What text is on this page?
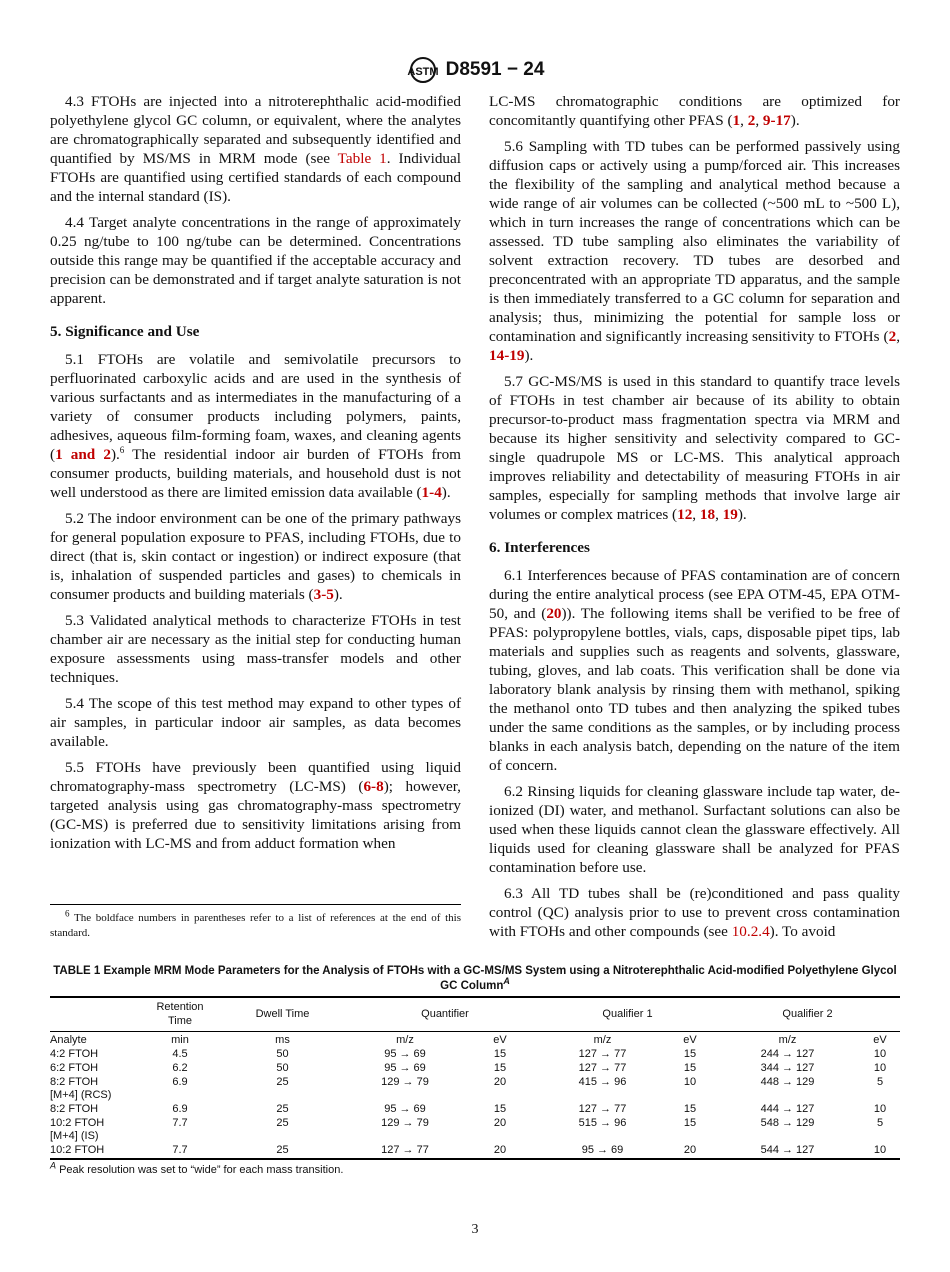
ASTM D8591 − 24

4.3 FTOHs are injected into a nitroterephthalic acid-modified polyethylene glycol GC column, or equivalent, where the analytes are chromatographically separated and subsequently identified and quantified by MS/MS in MRM mode (see Table 1. Individual FTOHs are quantified using certified standards of each compound and the internal standard (IS).

4.4 Target analyte concentrations in the range of approximately 0.25 ng/tube to 100 ng/tube can be determined. Concentrations outside this range may be quantified if the acceptable accuracy and precision can be demonstrated and if target analyte saturation is not apparent.

5. Significance and Use

5.1 FTOHs are volatile and semivolatile precursors to perfluorinated carboxylic acids and are used in the synthesis of various surfactants and as intermediates in the manufacturing of a variety of consumer products including polymers, paints, adhesives, aqueous film-forming foam, waxes, and cleaning agents (1 and 2).$^6$ The residential indoor air burden of FTOHs from consumer products, building materials, and household dust is not well understood as there are limited emission data available (1-4).

5.2 The indoor environment can be one of the primary pathways for general population exposure to PFAS, including FTOHs, due to direct (that is, skin contact or ingestion) or indirect exposure (that is, inhalation of suspended particles and gases) to chemicals in consumer products and building materials (3-5).

5.3 Validated analytical methods to characterize FTOHs in test chamber air are necessary as the initial step for conducting human exposure assessments using mass-transfer models and other techniques.

5.4 The scope of this test method may expand to other types of air samples, in particular indoor air samples, as data becomes available.

5.5 FTOHs have previously been quantified using liquid chromatography-mass spectrometry (LC-MS) (6-8); however, targeted analysis using gas chromatography-mass spectrometry (GC-MS) is preferred due to sensitivity limitations arising from ionization with LC-MS and from adduct formation when

LC-MS chromatographic conditions are optimized for concomitantly quantifying other PFAS (1, 2, 9-17).

5.6 Sampling with TD tubes can be performed passively using diffusion caps or actively using a pump/forced air. This increases the flexibility of the sampling and analytical method because a wide range of air volumes can be collected (~500 mL to ~500 L), which in turn increases the range of concentrations which can be assessed. TD tube sampling also eliminates the variability of solvent extraction recovery. TD tubes are desorbed and preconcentrated with an appropriate TD apparatus, and the sample is then immediately transferred to a GC column for separation and analysis; thus, minimizing the potential for sample loss or contamination and significantly increasing sensitivity to FTOHs (2, 14-19).

5.7 GC-MS/MS is used in this standard to quantify trace levels of FTOHs in test chamber air because of its ability to obtain precursor-to-product mass fragmentation spectra via MRM and because its higher sensitivity and selectivity compared to GC-single quadrupole MS or LC-MS. This analytical approach improves reliability and detectability of measuring FTOHs in air samples, especially for sampling methods that involve large air volumes or complex matrices (12, 18, 19).

6. Interferences

6.1 Interferences because of PFAS contamination are of concern during the entire analytical process (see EPA OTM-45, EPA OTM-50, and (20)). The following items shall be verified to be free of PFAS: polypropylene bottles, vials, caps, disposable pipet tips, lab materials and supplies such as reagents and solvents, glassware, tubing, gloves, and lab coats. This verification shall be done via laboratory blank analysis by rinsing them with methanol, spiking the methanol onto TD tubes and then analyzing the spiked tubes under the same conditions as the samples, or by including process blanks in each analysis batch, depending on the nature of the item of concern.

6.2 Rinsing liquids for cleaning glassware include tap water, de-ionized (DI) water, and methanol. Surfactant solutions can also be used when these liquids cannot clean the glassware effectively. All liquids used for cleaning glassware shall be analyzed for PFAS contamination before use.

6.3 All TD tubes shall be (re)conditioned and pass quality control (QC) analysis prior to use to prevent cross contamination with FTOHs and other compounds (see 10.2.4). To avoid

$^6$ The boldface numbers in parentheses refer to a list of references at the end of this standard.
TABLE 1 Example MRM Mode Parameters for the Analysis of FTOHs with a GC-MS/MS System using a Nitroterephthalic Acid-modified Polyethylene Glycol GC Column$^A$
	Retention Time	Dwell Time	Quantifier		Qualifier 1		Qualifier 2	
Analyte	min	ms	m/z	eV	m/z	eV	m/z	eV
4:2 FTOH	4.5	50	95 → 69	15	127 → 77	15	244 → 127	10
6:2 FTOH	6.2	50	95 → 69	15	127 → 77	15	344 → 127	10
8:2 FTOH	6.9	25	129 → 79	20	415 → 96	10	448 → 129	5
[M+4] (RCS)								
8:2 FTOH	6.9	25	95 → 69	15	127 → 77	15	444 → 127	10
10:2 FTOH	7.7	25	129 → 79	20	515 → 96	15	548 → 129	5
[M+4] (IS)								
10:2 FTOH	7.7	25	127 → 77	20	95 → 69	20	544 → 127	10
$^A$ Peak resolution was set to “wide” for each mass transition.
3
